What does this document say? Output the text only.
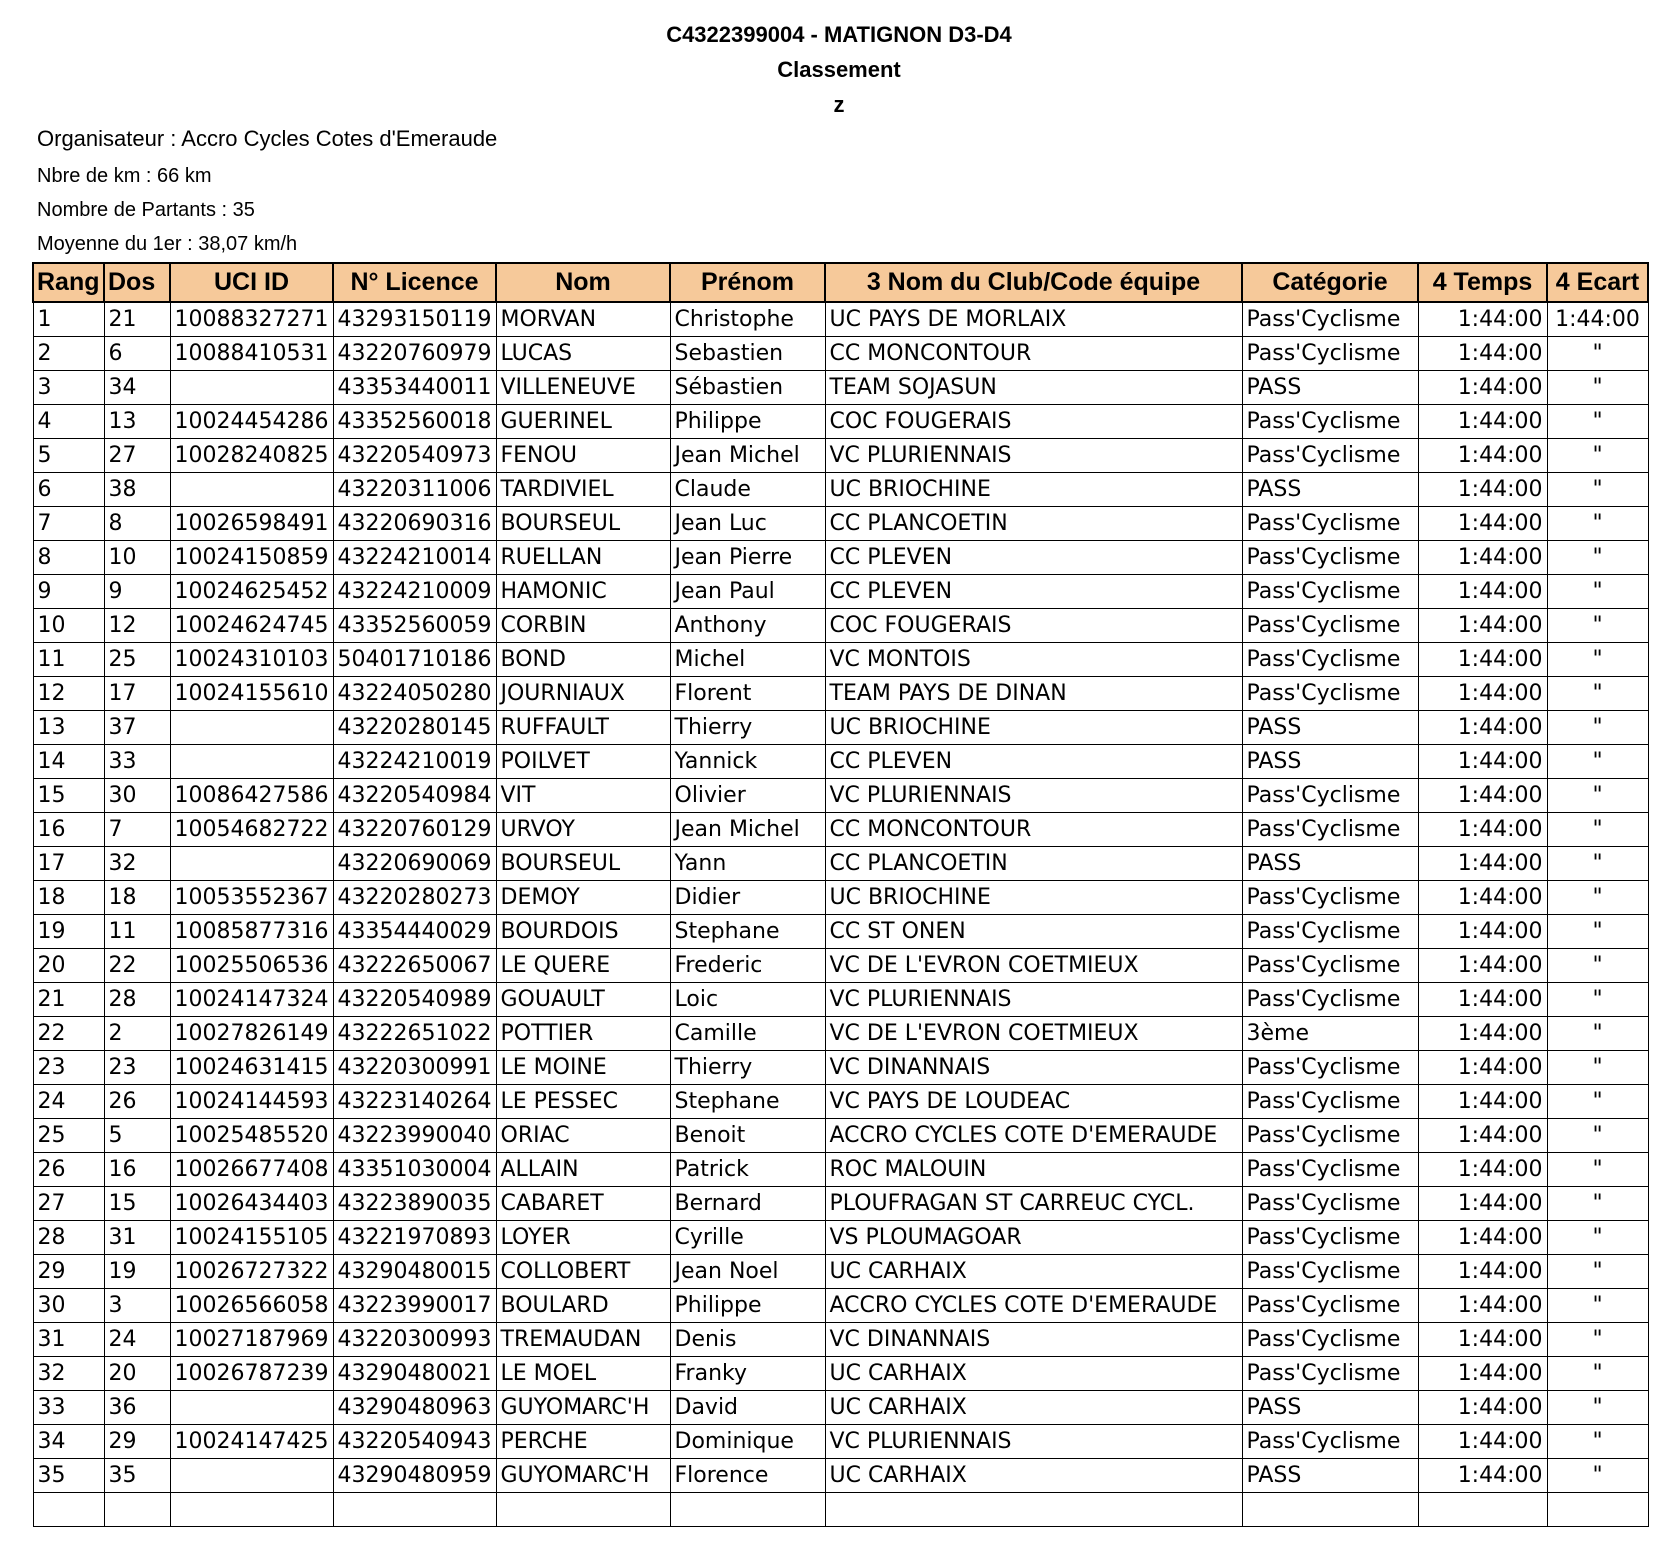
C4322399004 - MATIGNON D3-D4
Classement
z
Organisateur : Accro Cycles Cotes d'Emeraude
Nbre de km : 66 km
Nombre de Partants : 35
Moyenne du 1er : 38,07 km/h
Rang	Dos	UCI ID	N° Licence	Nom	Prénom	3 Nom du Club/Code équipe	Catégorie	4 Temps	4 Ecart
1	21	10088327271	43293150119	MORVAN	Christophe	UC PAYS DE MORLAIX	Pass'Cyclisme	1:44:00	1:44:00
2	6	10088410531	43220760979	LUCAS	Sebastien	CC MONCONTOUR	Pass'Cyclisme	1:44:00	"
3	34		43353440011	VILLENEUVE	Sébastien	TEAM SOJASUN	PASS	1:44:00	"
4	13	10024454286	43352560018	GUERINEL	Philippe	COC FOUGERAIS	Pass'Cyclisme	1:44:00	"
5	27	10028240825	43220540973	FENOU	Jean Michel	VC PLURIENNAIS	Pass'Cyclisme	1:44:00	"
6	38		43220311006	TARDIVIEL	Claude	UC BRIOCHINE	PASS	1:44:00	"
7	8	10026598491	43220690316	BOURSEUL	Jean Luc	CC PLANCOETIN	Pass'Cyclisme	1:44:00	"
8	10	10024150859	43224210014	RUELLAN	Jean Pierre	CC PLEVEN	Pass'Cyclisme	1:44:00	"
9	9	10024625452	43224210009	HAMONIC	Jean Paul	CC PLEVEN	Pass'Cyclisme	1:44:00	"
10	12	10024624745	43352560059	CORBIN	Anthony	COC FOUGERAIS	Pass'Cyclisme	1:44:00	"
11	25	10024310103	50401710186	BOND	Michel	VC MONTOIS	Pass'Cyclisme	1:44:00	"
12	17	10024155610	43224050280	JOURNIAUX	Florent	TEAM PAYS DE DINAN	Pass'Cyclisme	1:44:00	"
13	37		43220280145	RUFFAULT	Thierry	UC BRIOCHINE	PASS	1:44:00	"
14	33		43224210019	POILVET	Yannick	CC PLEVEN	PASS	1:44:00	"
15	30	10086427586	43220540984	VIT	Olivier	VC PLURIENNAIS	Pass'Cyclisme	1:44:00	"
16	7	10054682722	43220760129	URVOY	Jean Michel	CC MONCONTOUR	Pass'Cyclisme	1:44:00	"
17	32		43220690069	BOURSEUL	Yann	CC PLANCOETIN	PASS	1:44:00	"
18	18	10053552367	43220280273	DEMOY	Didier	UC BRIOCHINE	Pass'Cyclisme	1:44:00	"
19	11	10085877316	43354440029	BOURDOIS	Stephane	CC ST ONEN	Pass'Cyclisme	1:44:00	"
20	22	10025506536	43222650067	LE QUERE	Frederic	VC DE L'EVRON COETMIEUX	Pass'Cyclisme	1:44:00	"
21	28	10024147324	43220540989	GOUAULT	Loic	VC PLURIENNAIS	Pass'Cyclisme	1:44:00	"
22	2	10027826149	43222651022	POTTIER	Camille	VC DE L'EVRON COETMIEUX	3ème	1:44:00	"
23	23	10024631415	43220300991	LE MOINE	Thierry	VC DINANNAIS	Pass'Cyclisme	1:44:00	"
24	26	10024144593	43223140264	LE PESSEC	Stephane	VC PAYS DE LOUDEAC	Pass'Cyclisme	1:44:00	"
25	5	10025485520	43223990040	ORIAC	Benoit	ACCRO CYCLES COTE D'EMERAUDE	Pass'Cyclisme	1:44:00	"
26	16	10026677408	43351030004	ALLAIN	Patrick	ROC MALOUIN	Pass'Cyclisme	1:44:00	"
27	15	10026434403	43223890035	CABARET	Bernard	PLOUFRAGAN ST CARREUC CYCL.	Pass'Cyclisme	1:44:00	"
28	31	10024155105	43221970893	LOYER	Cyrille	VS PLOUMAGOAR	Pass'Cyclisme	1:44:00	"
29	19	10026727322	43290480015	COLLOBERT	Jean Noel	UC CARHAIX	Pass'Cyclisme	1:44:00	"
30	3	10026566058	43223990017	BOULARD	Philippe	ACCRO CYCLES COTE D'EMERAUDE	Pass'Cyclisme	1:44:00	"
31	24	10027187969	43220300993	TREMAUDAN	Denis	VC DINANNAIS	Pass'Cyclisme	1:44:00	"
32	20	10026787239	43290480021	LE MOEL	Franky	UC CARHAIX	Pass'Cyclisme	1:44:00	"
33	36		43290480963	GUYOMARC'H	David	UC CARHAIX	PASS	1:44:00	"
34	29	10024147425	43220540943	PERCHE	Dominique	VC PLURIENNAIS	Pass'Cyclisme	1:44:00	"
35	35		43290480959	GUYOMARC'H	Florence	UC CARHAIX	PASS	1:44:00	"
